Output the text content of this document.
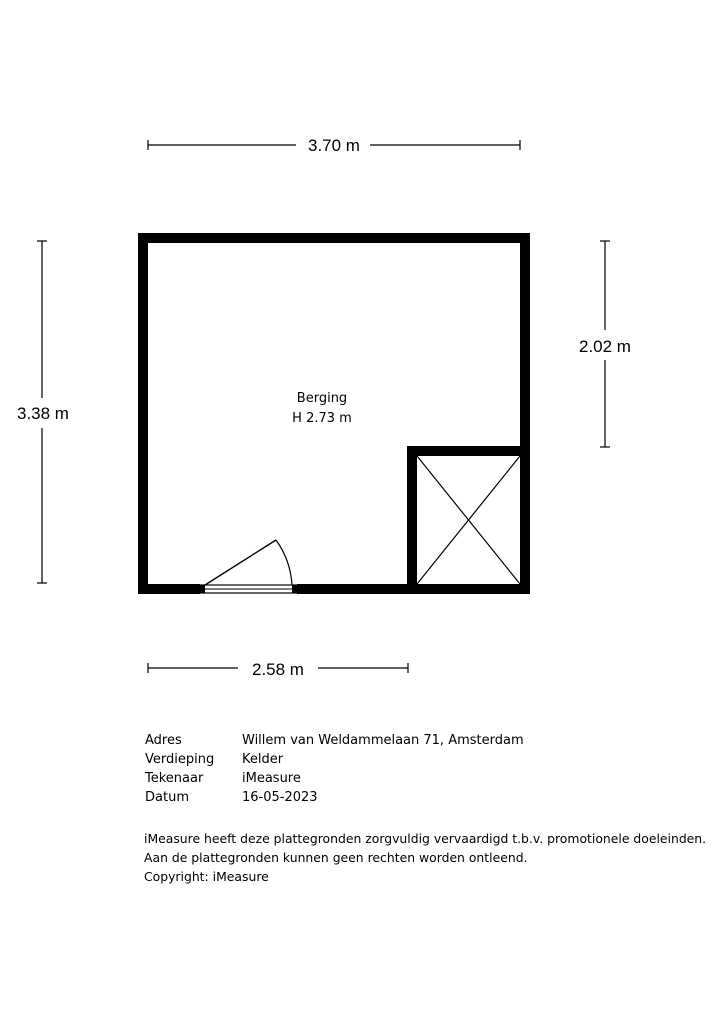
3.70 m
3.38 m
2.02 m
2.58 m
Berging
H 2.73 m
Adres	Willem van Weldammelaan 71, Amsterdam
Verdieping	Kelder
Tekenaar	iMeasure
Datum	16-05-2023
iMeasure heeft deze plattegronden zorgvuldig vervaardigd t.b.v. promotionele doeleinden.
Aan de plattegronden kunnen geen rechten worden ontleend.
Copyright: iMeasure
